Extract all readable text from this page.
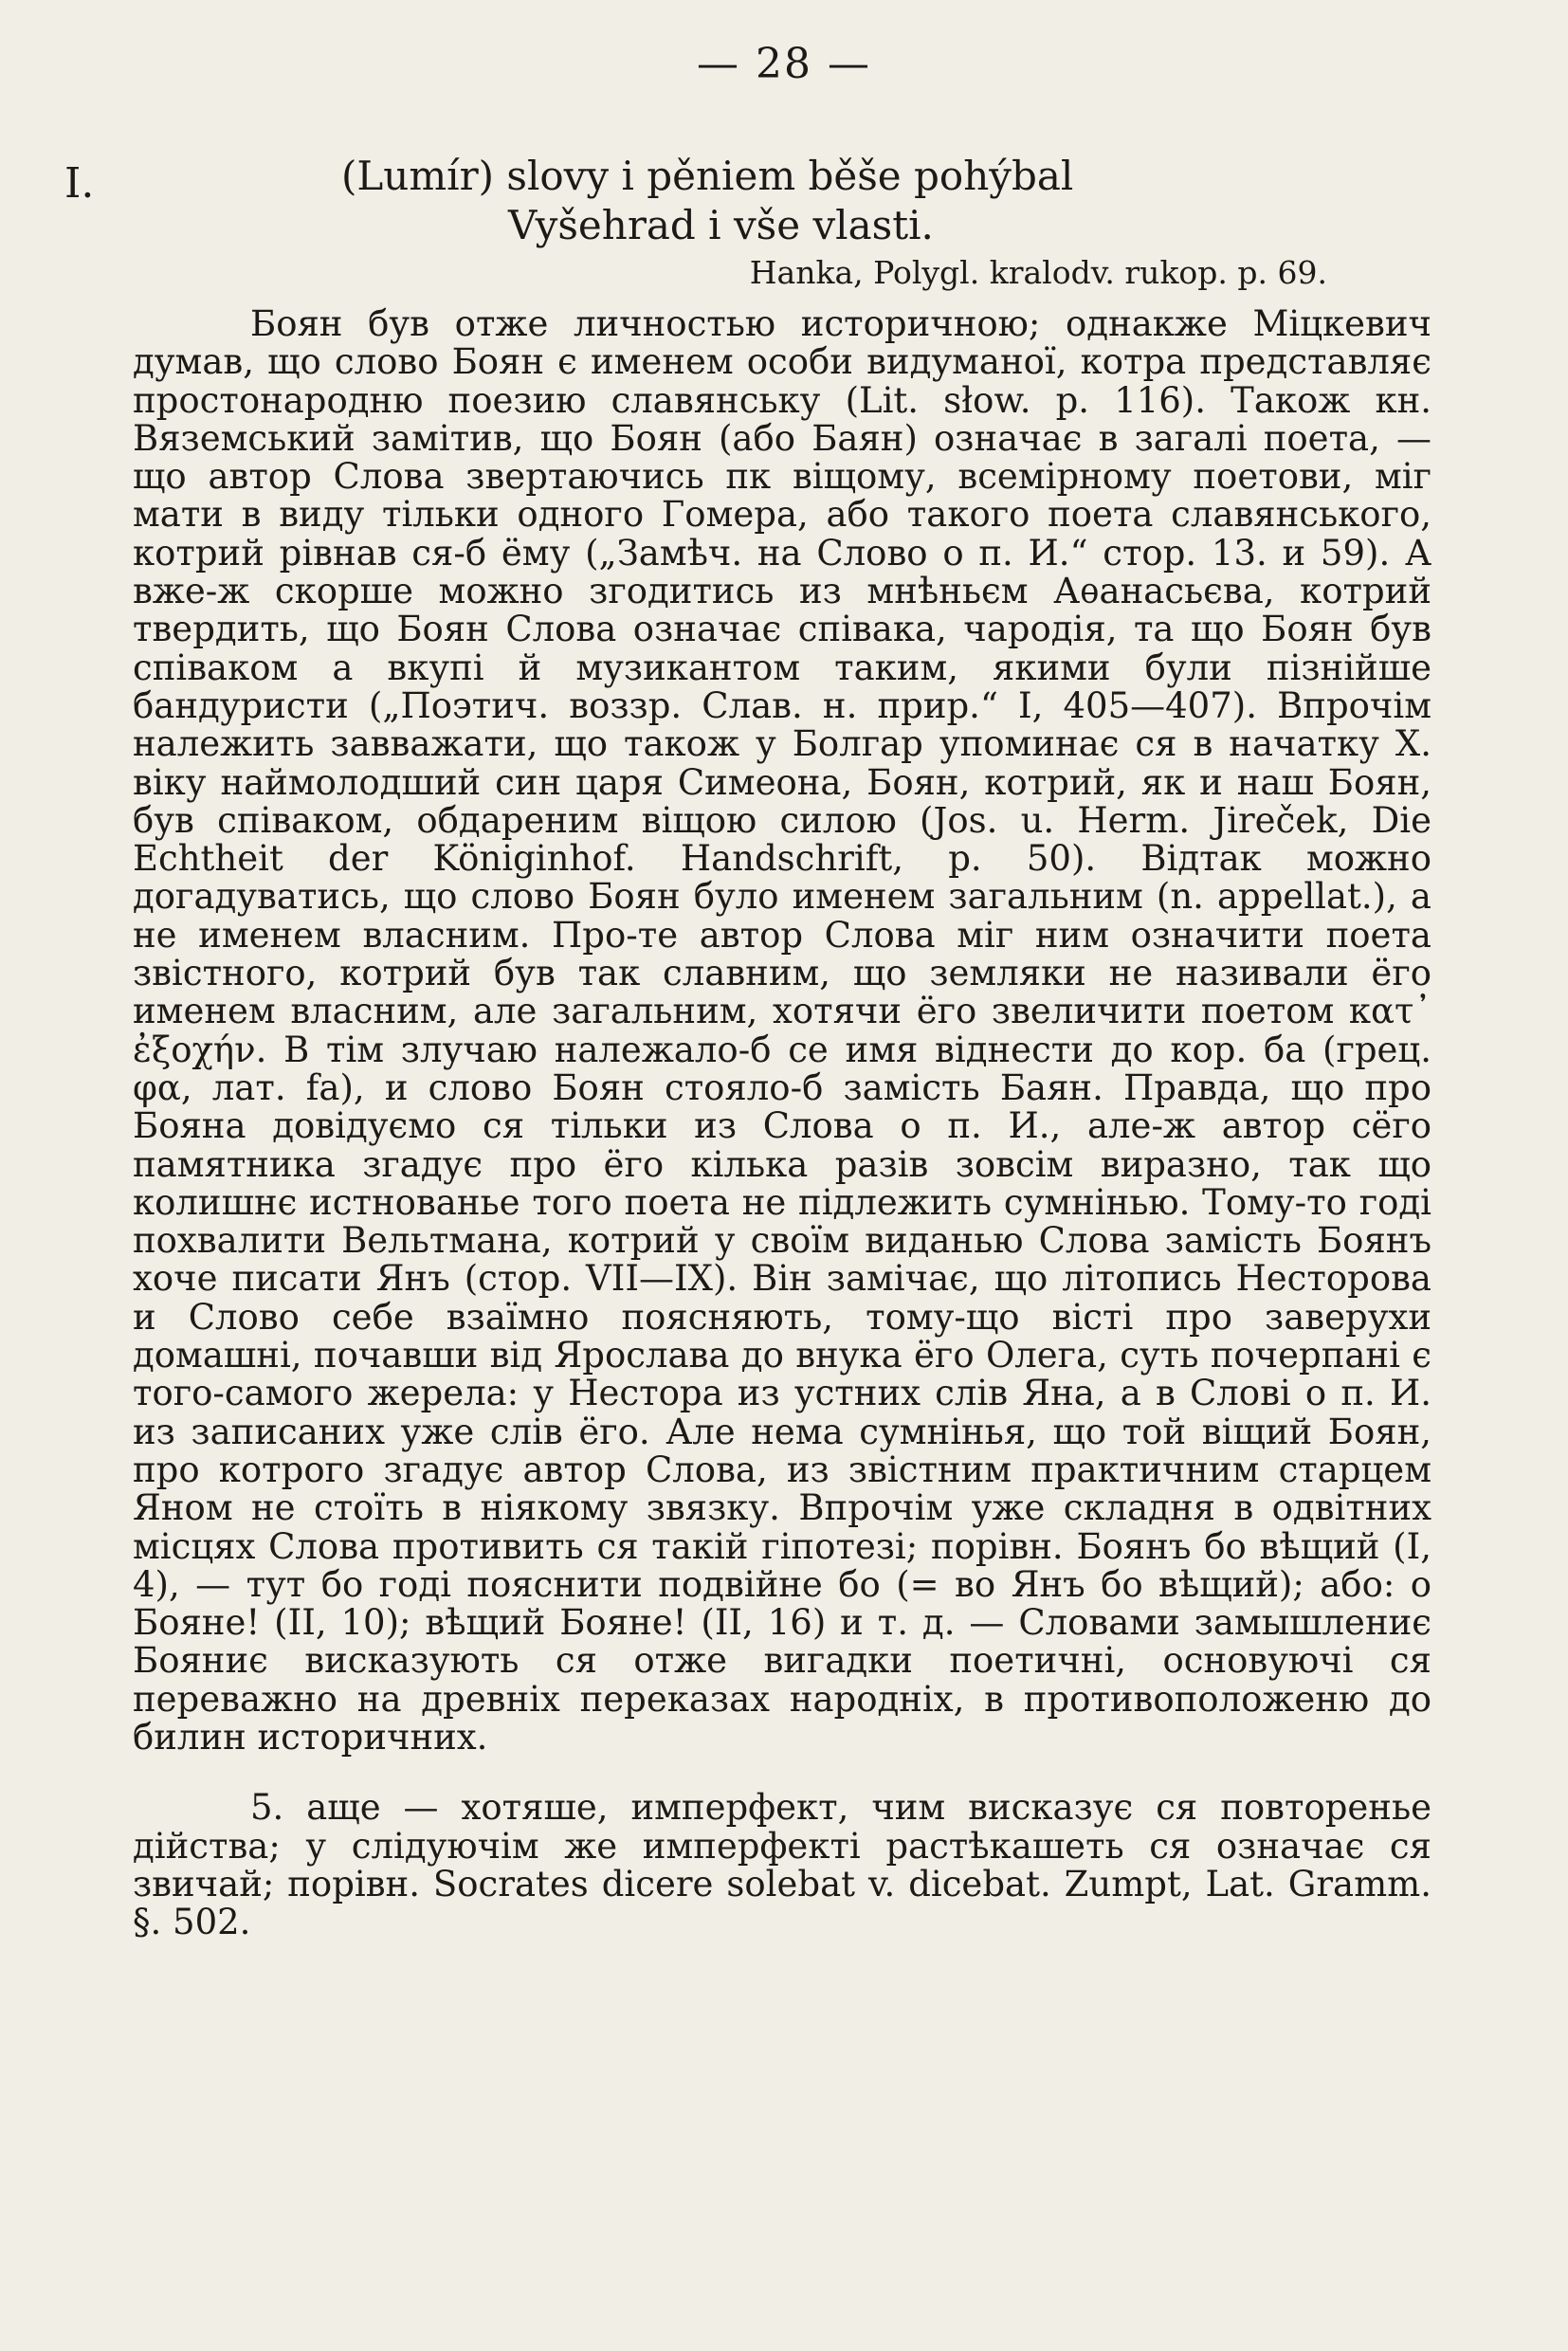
— 28 —
I.	(Lumír) slovy i pěniem běše pohýbal
Vyšehrad i vše vlasti.
Hanka, Polygl. kralodv. rukop. p. 69.

Боян був отже личностью историчною; однакже Міцкевич думав, що слово Боян є именем особи видуманої, котра представляє простонародню поезию славянську (Lit. słow. p. 116). Також кн. Вяземський замітив, що Боян (або Баян) означає в загалі поета, — що автор Слова звертаючись пк віщому, всемірному поетови, міг мати в виду тільки одного Гомера, або такого поета славянського, котрий рівнав ся-б ёму („Замѣч. на Слово о п. И.“ стор. 13. и 59). А вже-ж скорше можно згодитись из мнѣньєм Аѳанасьєва, котрий твердить, що Боян Слова означає співака, чародія, та що Боян був співаком а вкупі й музикантом таким, якими були пізнійше бандуристи („Поэтич. воззр. Слав. н. прир.“ I, 405—407). Впрочім належить завважати, що також у Болгар упоминає ся в начатку X. віку наймолодший син царя Симеона, Боян, котрий, як и наш Боян, був співаком, обдареним віщою силою (Jos. u. Herm. Jireček, Die Echtheit der Königinhof. Handschrift, p. 50). Відтак можно догадуватись, що слово Боян було именем загальним (n. appellat.), а не именем власним. Про-те автор Слова міг ним означити поета звістного, котрий був так славним, що земляки не називали ёго именем власним, але загальним, хотячи ёго звеличити поетом κατ᾽ ἐξοχήν. В тім злучаю належало-б се имя віднести до кор. ба (грец. φα, лат. fa), и слово Боян стояло-б замість Баян. Правда, що про Бояна довідуємо ся тільки из Слова о п. И., але-ж автор сёго памятника згадує про ёго кілька разів зовсім виразно, так що колишнє истнованье того поета не підлежить сумнінью. Тому-то годі похвалити Вельтмана, котрий у своїм виданью Слова замість Боянъ хоче писати Янъ (стор. VII—IX). Він замічає, що літопись Несторова и Слово себе взаїмно поясняють, тому-що вісті про заверухи домашні, почавши від Ярослава до внука ёго Олега, суть почерпані є того-самого жерела: у Нестора из устних слів Яна, а в Слові о п. И. из записаних уже слів ёго. Але нема сумнінья, що той віщий Боян, про котрого згадує автор Слова, из звістним практичним старцем Яном не стоїть в ніякому звязку. Впрочім уже складня в одвітних місцях Слова противить ся такій гіпотезі; порівн. Боянъ бо вѣщий (I, 4), — тут бо годі пояснити подвійне бо (= во Янъ бо вѣщий); або: о Бояне! (II, 10); вѣщий Бояне! (II, 16) и т. д. — Словами замышлениє Бояниє висказують ся отже вигадки поетичні, основуючі ся переважно на древніх переказах народніх, в противоположеню до билин историчних.

5. аще — хотяше, имперфект, чим висказує ся повторенье дійства; у слідуючім же имперфекті растѣкашеть ся означає ся звичай; порівн. Socrates dicere solebat v. dicebat. Zumpt, Lat. Gramm. §. 502.
